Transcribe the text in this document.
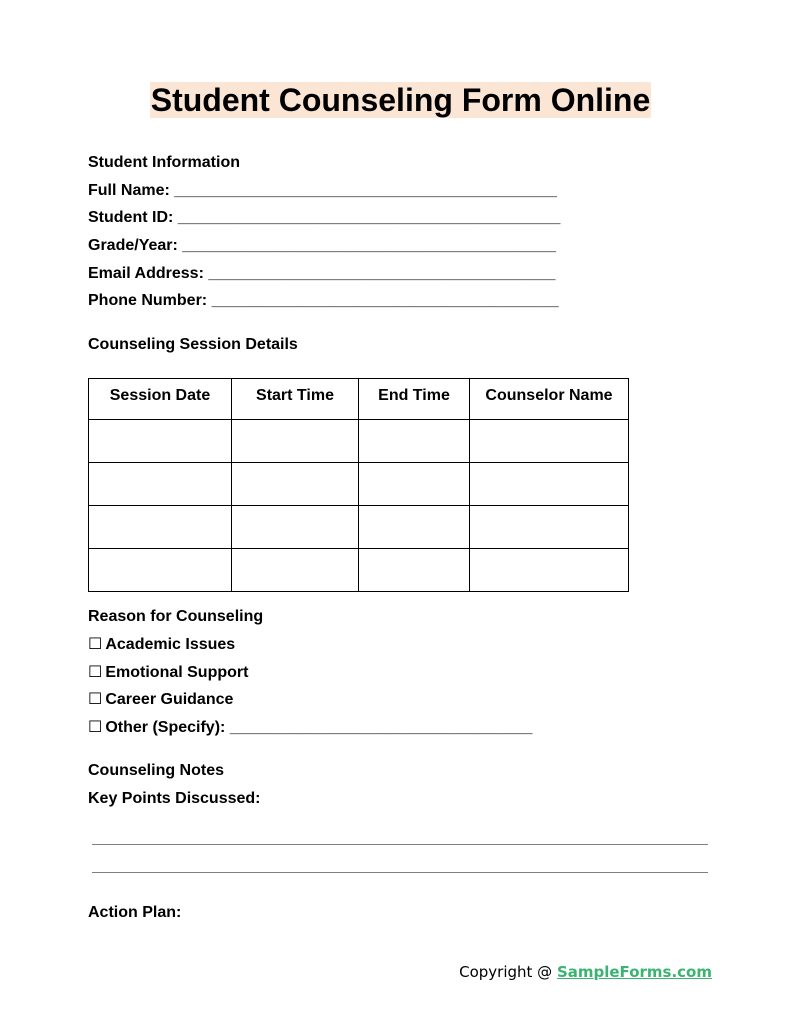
Student Counseling Form Online
Student Information
Full Name: ___________________________________________
Student ID: ___________________________________________
Grade/Year: __________________________________________
Email Address: _______________________________________
Phone Number: _______________________________________
Counseling Session Details
Session Date	Start Time	End Time	Counselor Name

Reason for Counseling
☐ Academic Issues
☐ Emotional Support
☐ Career Guidance
☐ Other (Specify): __________________________________
Counseling Notes
Key Points Discussed:
Action Plan:
Copyright @ SampleForms.com
